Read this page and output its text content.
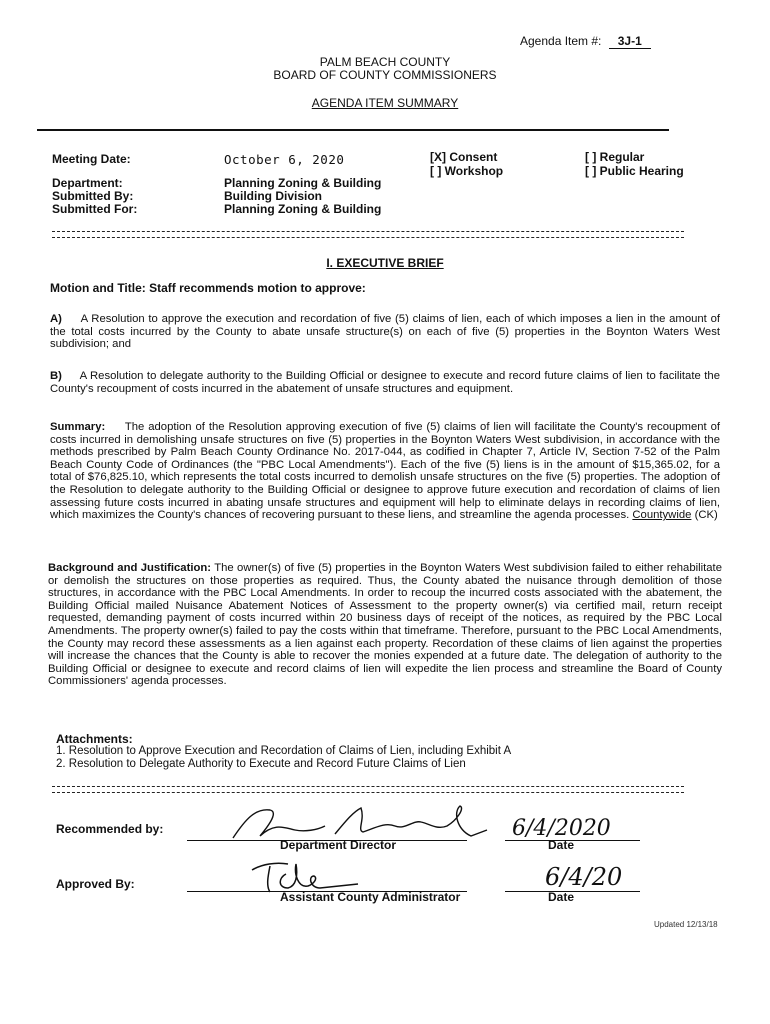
Agenda Item #: 3J-1
PALM BEACH COUNTY
BOARD OF COUNTY COMMISSIONERS
AGENDA ITEM SUMMARY
Meeting Date:	October 6, 2020	[X] Consent
[ ] Workshop
[ ] Regular
[ ] Public Hearing
Department:	Planning Zoning & Building
Submitted By:	Building Division
Submitted For:	Planning Zoning & Building
I. EXECUTIVE BRIEF
Motion and Title: Staff recommends motion to approve:

A) A Resolution to approve the execution and recordation of five (5) claims of lien, each of which imposes a lien in the amount of the total costs incurred by the County to abate unsafe structure(s) on each of five (5) properties in the Boynton Waters West subdivision; and

B) A Resolution to delegate authority to the Building Official or designee to execute and record future claims of lien to facilitate the County's recoupment of costs incurred in the abatement of unsafe structures and equipment.

Summary: The adoption of the Resolution approving execution of five (5) claims of lien will facilitate the County's recoupment of costs incurred in demolishing unsafe structures on five (5) properties in the Boynton Waters West subdivision, in accordance with the methods prescribed by Palm Beach County Ordinance No. 2017-044, as codified in Chapter 7, Article IV, Section 7-52 of the Palm Beach County Code of Ordinances (the "PBC Local Amendments"). Each of the five (5) liens is in the amount of $15,365.02, for a total of $76,825.10, which represents the total costs incurred to demolish unsafe structures on the five (5) properties. The adoption of the Resolution to delegate authority to the Building Official or designee to approve future execution and recordation of claims of lien assessing future costs incurred in abating unsafe structures and equipment will help to eliminate delays in recording claims of lien, which maximizes the County's chances of recovering pursuant to these liens, and streamline the agenda processes. Countywide (CK)

Background and Justification: The owner(s) of five (5) properties in the Boynton Waters West subdivision failed to either rehabilitate or demolish the structures on those properties as required. Thus, the County abated the nuisance through demolition of those structures, in accordance with the PBC Local Amendments. In order to recoup the incurred costs associated with the abatement, the Building Official mailed Nuisance Abatement Notices of Assessment to the property owner(s) via certified mail, return receipt requested, demanding payment of costs incurred within 20 business days of receipt of the notices, as required by the PBC Local Amendments. The property owner(s) failed to pay the costs within that timeframe. Therefore, pursuant to the PBC Local Amendments, the County may record these assessments as a lien against each property. Recordation of these claims of lien against the properties will increase the chances that the County is able to recover the monies expended at a future date. The delegation of authority to the Building Official or designee to execute and record claims of lien will expedite the lien process and streamline the Board of County Commissioners' agenda processes.

Attachments:
1. Resolution to Approve Execution and Recordation of Claims of Lien, including Exhibit A
2. Resolution to Delegate Authority to Execute and Record Future Claims of Lien
Recommended by:
Department Director
6/4/2020
Date
Approved By:
Assistant County Administrator
6/4/20
Date
Updated 12/13/18
